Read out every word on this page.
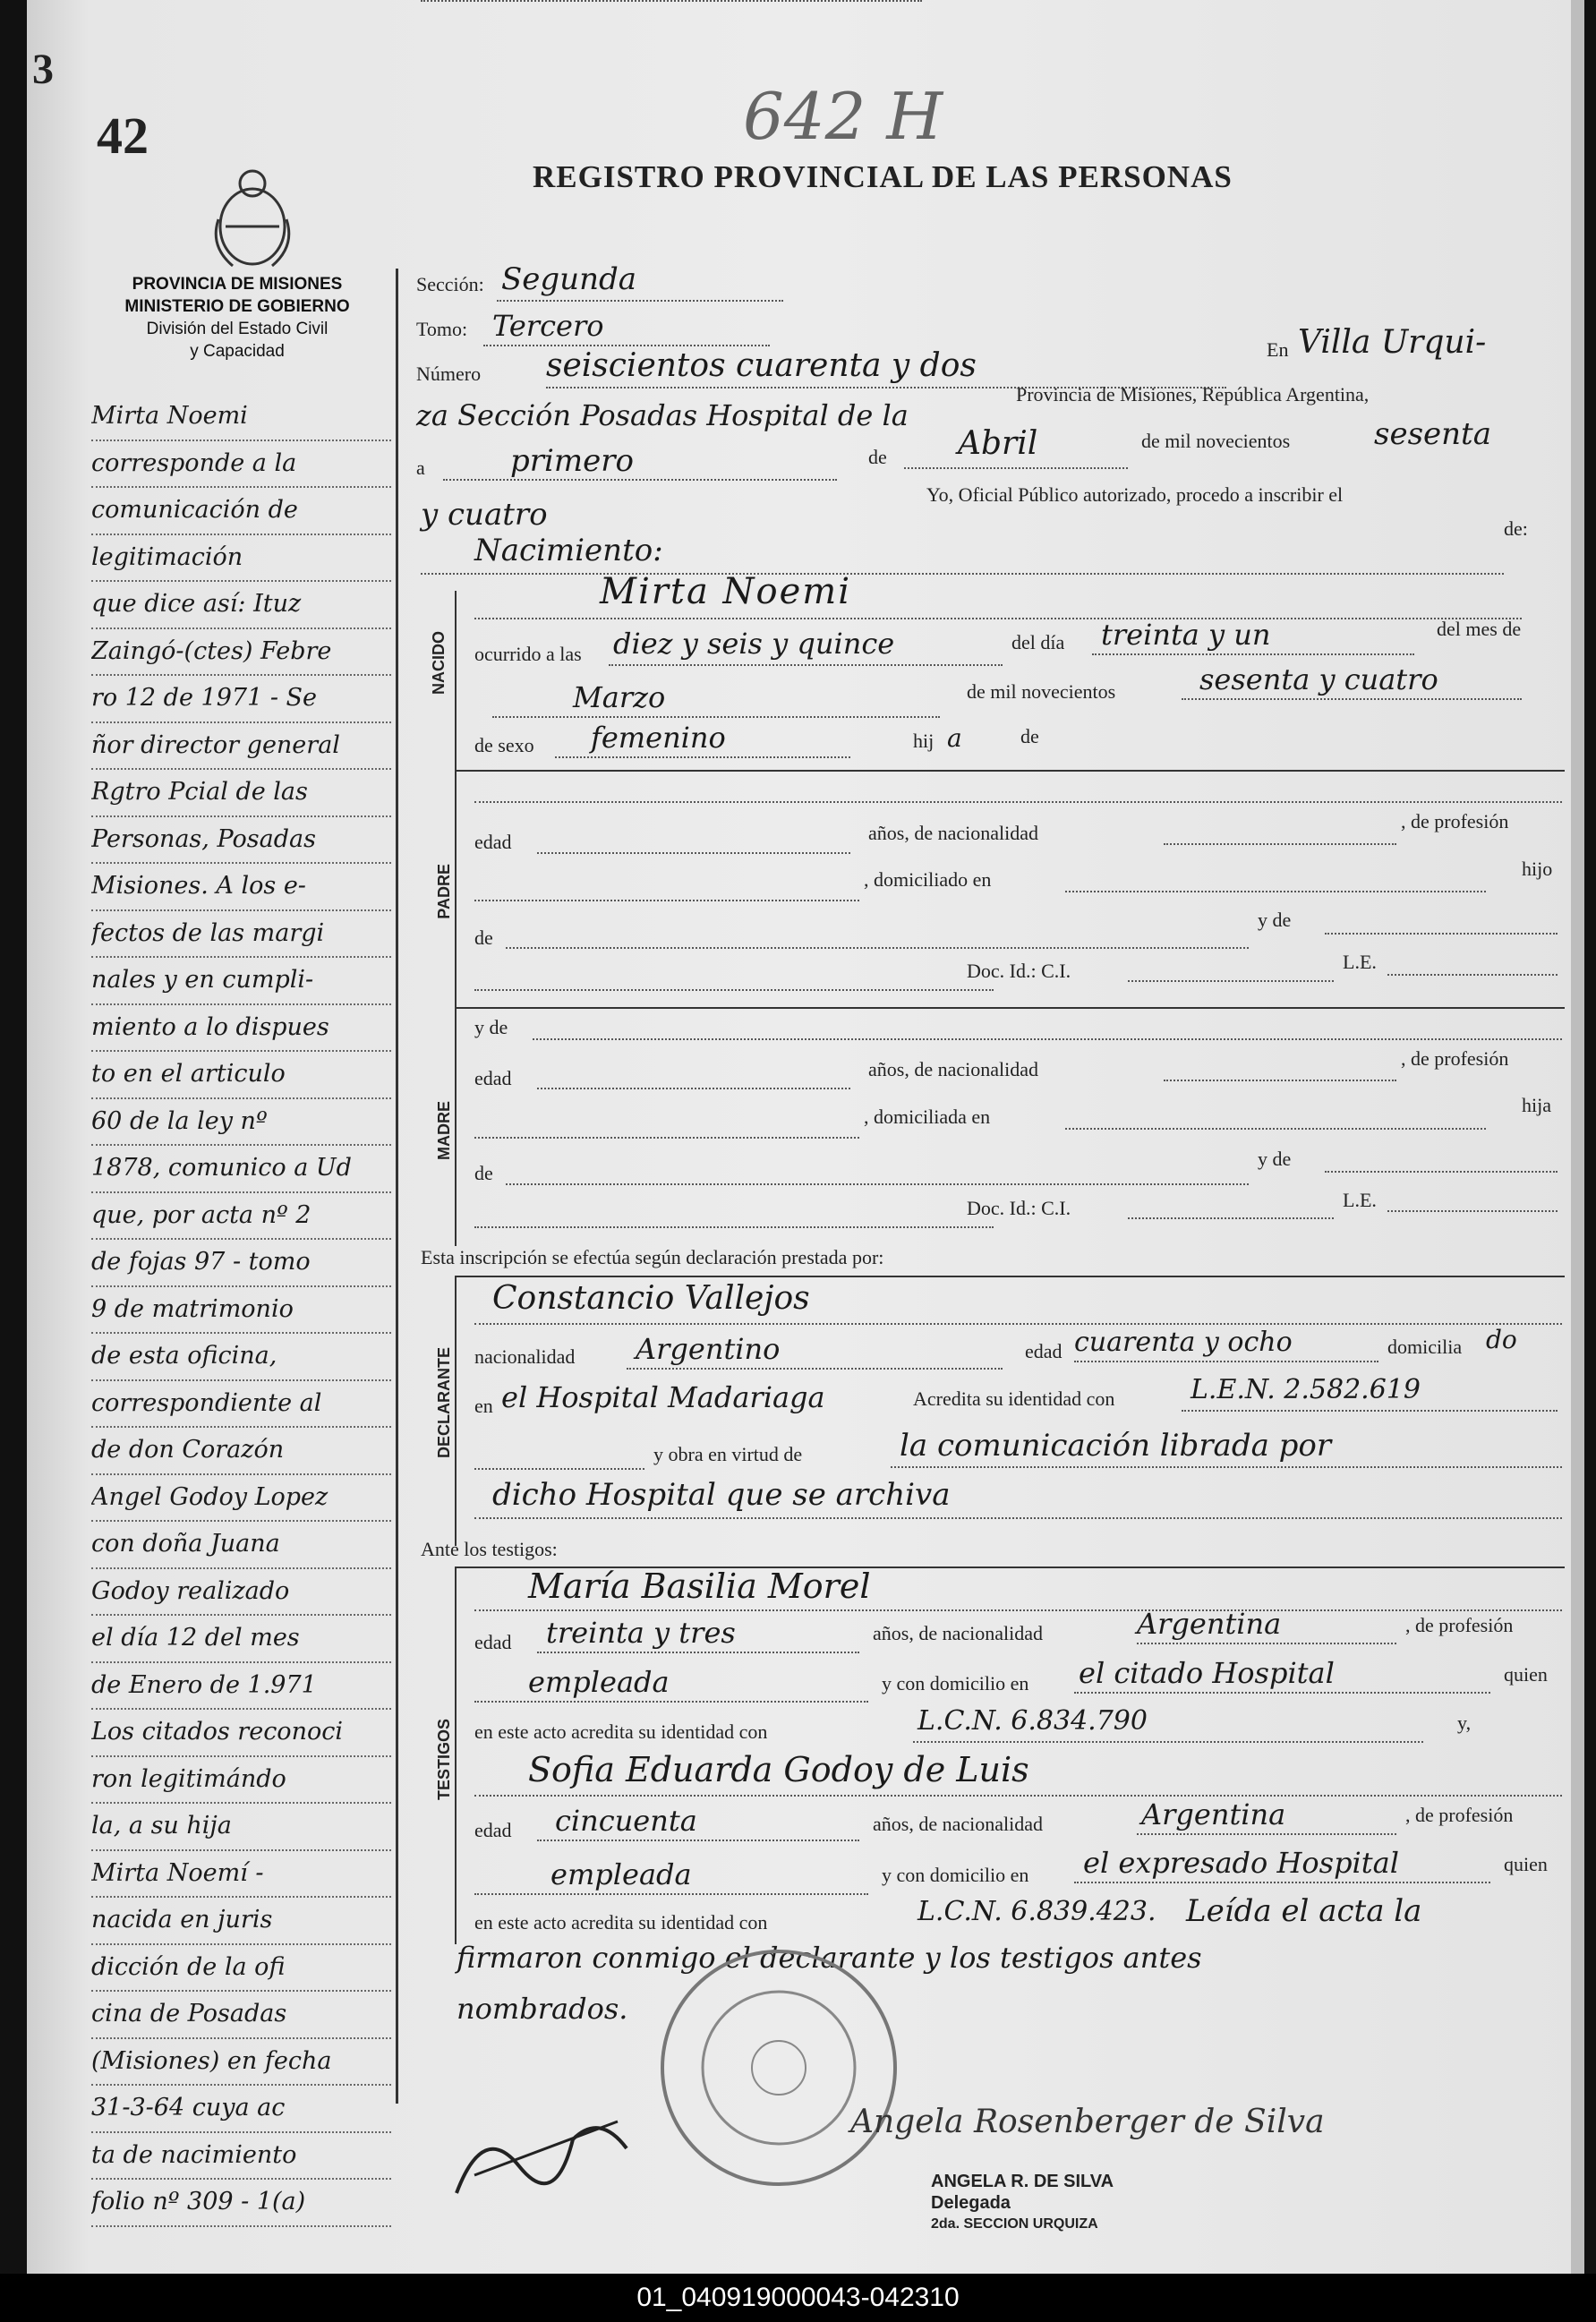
3
42	642 H
REGISTRO PROVINCIAL DE LAS PERSONAS
PROVINCIA DE MISIONES
MINISTERIO DE GOBIERNO
División del Estado Civil
y Capacidad
Mirta Noemi
corresponde a la
comunicación de
legitimación
que dice así: Ituz
Zaingó-(ctes) Febre
ro 12 de 1971 - Se
ñor director general
Rgtro Pcial de las
Personas, Posadas
Misiones. A los e-
fectos de las margi
nales y en cumpli-
miento a lo dispues
to en el articulo
60 de la ley nº
1878, comunico a Ud
que, por acta nº 2
de fojas 97 - tomo
9 de matrimonio
de esta oficina,
correspondiente al
de don Corazón
Angel Godoy Lopez
con doña Juana
Godoy realizado
el día 12 del mes
de Enero de 1.971
Los citados reconoci
ron legitimándo
la, a su hija
Mirta Noemí -
nacida en juris
dicción de la ofi
cina de Posadas
(Misiones) en fecha
31-3-64 cuya ac
ta de nacimiento
folio nº 309 - 1(a)
Sección: Segunda
Tomo: Tercero
Número seiscientos cuarenta y dos	En Villa Urqui-
za Sección Posadas Hospital de la
Provincia de Misiones, República Argentina,
a	primero	de Abril	de mil novecientos	sesenta
y cuatro
Yo, Oficial Público autorizado, procedo a inscribir el
Nacimiento:
de:
NACIDO
Mirta Noemi
ocurrido a las diez y seis y quince	del día treinta y un	del mes de
Marzo	de mil novecientos	sesenta y cuatro
de sexo femenino	hij a	de
PADRE
edad	años, de nacionalidad
, de profesión
, domiciliado en	hijo
de
y de
Doc. Id.: C.I.	L.E.
MADRE
y de
edad	años, de nacionalidad	, de profesión
, domiciliada en
hija
de
y de
Doc. Id.: C.I.	L.E.
Esta inscripción se efectúa según declaración prestada por:
DECLARANTE
Constancio Vallejos
nacionalidad Argentino	edad cuarenta y ocho	domicilia do
en el Hospital Madariaga	Acredita su identidad con	L.E.N. 2.582.619
y obra en virtud de	la comunicación librada por
dicho Hospital que se archiva
Ante los testigos:
TESTIGOS
María Basilia Morel
edad treinta y tres	años, de nacionalidad	Argentina	, de profesión
empleada	y con domicilio en el citado Hospital	quien
en este acto acredita su identidad con	L.C.N. 6.834.790	y,
Sofia Eduarda Godoy de Luis
edad cincuenta	años, de nacionalidad	Argentina	, de profesión
empleada	y con domicilio en el expresado Hospital	quien
en este acto acredita su identidad con	L.C.N. 6.839.423. Leída el acta la
firmaron conmigo el declarante y los testigos antes
nombrados.
Angela Rosenberger de Silva
ANGELA R. DE SILVA
Delegada
2da. SECCION URQUIZA
01_040919000043-042310
